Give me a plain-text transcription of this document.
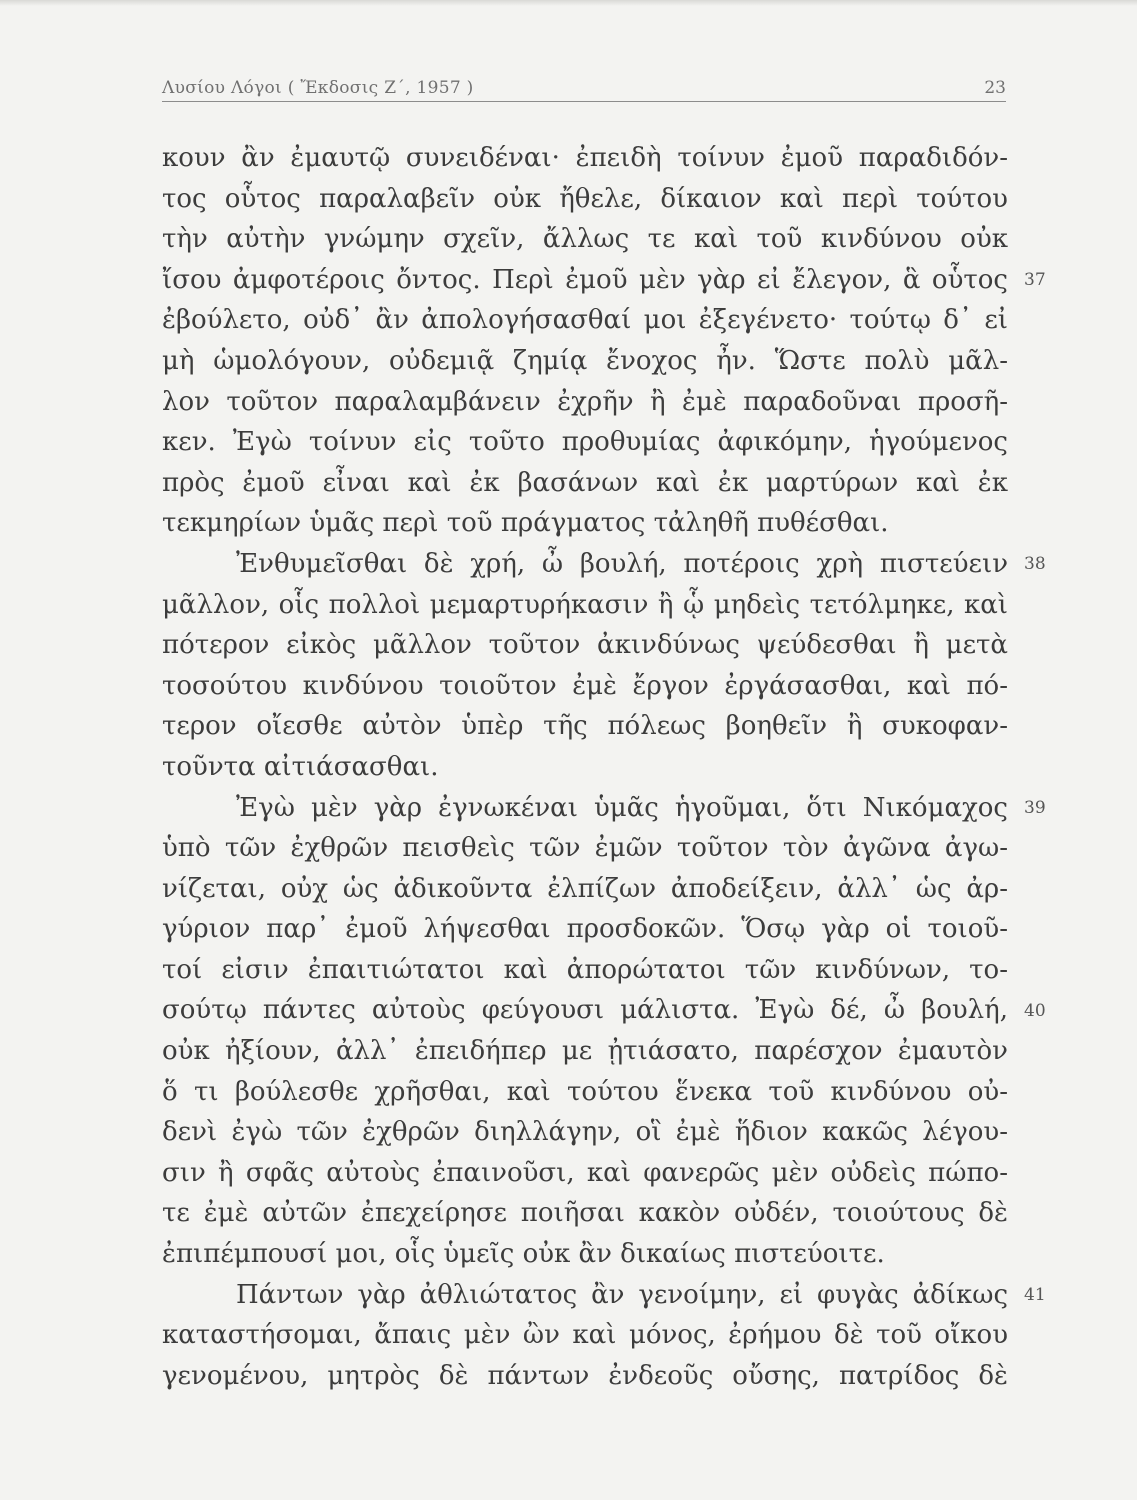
Λυσίου Λόγοι ( Ἔκδοσις Ζ΄, 1957 )	23
κουν ἂν ἐμαυτῷ συνειδέναι· ἐπειδὴ τοίνυν ἐμοῦ παραδιδόν-
τος οὗτος παραλαβεῖν οὐκ ἤθελε, δίκαιον καὶ περὶ τούτου
τὴν αὐτὴν γνώμην σχεῖν, ἄλλως τε καὶ τοῦ κινδύνου οὐκ
ἴσου ἀμφοτέροις ὄντος. Περὶ ἐμοῦ μὲν γὰρ εἰ ἔλεγον, ἃ οὗτος
ἐβούλετο, οὐδ᾽ ἂν ἀπολογήσασθαί μοι ἐξεγένετο· τούτῳ δ᾽ εἰ
μὴ ὡμολόγουν, οὐδεμιᾷ ζημίᾳ ἔνοχος ἦν. Ὥστε πολὺ μᾶλ-
λον τοῦτον παραλαμβάνειν ἐχρῆν ἢ ἐμὲ παραδοῦναι προσῆ-
κεν. Ἐγὼ τοίνυν εἰς τοῦτο προθυμίας ἀφικόμην, ἡγούμενος
πρὸς ἐμοῦ εἶναι καὶ ἐκ βασάνων καὶ ἐκ μαρτύρων καὶ ἐκ
τεκμηρίων ὑμᾶς περὶ τοῦ πράγματος τἀληθῆ πυθέσθαι.
Ἐνθυμεῖσθαι δὲ χρή, ὦ βουλή, ποτέροις χρὴ πιστεύειν
μᾶλλον, οἷς πολλοὶ μεμαρτυρήκασιν ἢ ᾧ μηδεὶς τετόλμηκε, καὶ
πότερον εἰκὸς μᾶλλον τοῦτον ἀκινδύνως ψεύδεσθαι ἢ μετὰ
τοσούτου κινδύνου τοιοῦτον ἐμὲ ἔργον ἐργάσασθαι, καὶ πό-
τερον οἴεσθε αὐτὸν ὑπὲρ τῆς πόλεως βοηθεῖν ἢ συκοφαν-
τοῦντα αἰτιάσασθαι.
Ἐγὼ μὲν γὰρ ἐγνωκέναι ὑμᾶς ἡγοῦμαι, ὅτι Νικόμαχος
ὑπὸ τῶν ἐχθρῶν πεισθεὶς τῶν ἐμῶν τοῦτον τὸν ἀγῶνα ἀγω-
νίζεται, οὐχ ὡς ἀδικοῦντα ἐλπίζων ἀποδείξειν, ἀλλ᾽ ὡς ἀρ-
γύριον παρ᾽ ἐμοῦ λήψεσθαι προσδοκῶν. Ὅσῳ γὰρ οἱ τοιοῦ-
τοί εἰσιν ἐπαιτιώτατοι καὶ ἀπορώτατοι τῶν κινδύνων, το-
σούτῳ πάντες αὐτοὺς φεύγουσι μάλιστα. Ἐγὼ δέ, ὦ βουλή,
οὐκ ἠξίουν, ἀλλ᾽ ἐπειδήπερ με ᾐτιάσατο, παρέσχον ἐμαυτὸν
ὅ τι βούλεσθε χρῆσθαι, καὶ τούτου ἕνεκα τοῦ κινδύνου οὐ-
δενὶ ἐγὼ τῶν ἐχθρῶν διηλλάγην, οἳ ἐμὲ ἥδιον κακῶς λέγου-
σιν ἢ σφᾶς αὐτοὺς ἐπαινοῦσι, καὶ φανερῶς μὲν οὐδεὶς πώπο-
τε ἐμὲ αὐτῶν ἐπεχείρησε ποιῆσαι κακὸν οὐδέν, τοιούτους δὲ
ἐπιπέμπουσί μοι, οἷς ὑμεῖς οὐκ ἂν δικαίως πιστεύοιτε.
Πάντων γὰρ ἀθλιώτατος ἂν γενοίμην, εἰ φυγὰς ἀδίκως
καταστήσομαι, ἄπαις μὲν ὢν καὶ μόνος, ἐρήμου δὲ τοῦ οἴκου
γενομένου, μητρὸς δὲ πάντων ἐνδεοῦς οὔσης, πατρίδος δὲ
37
38
39
40
41
